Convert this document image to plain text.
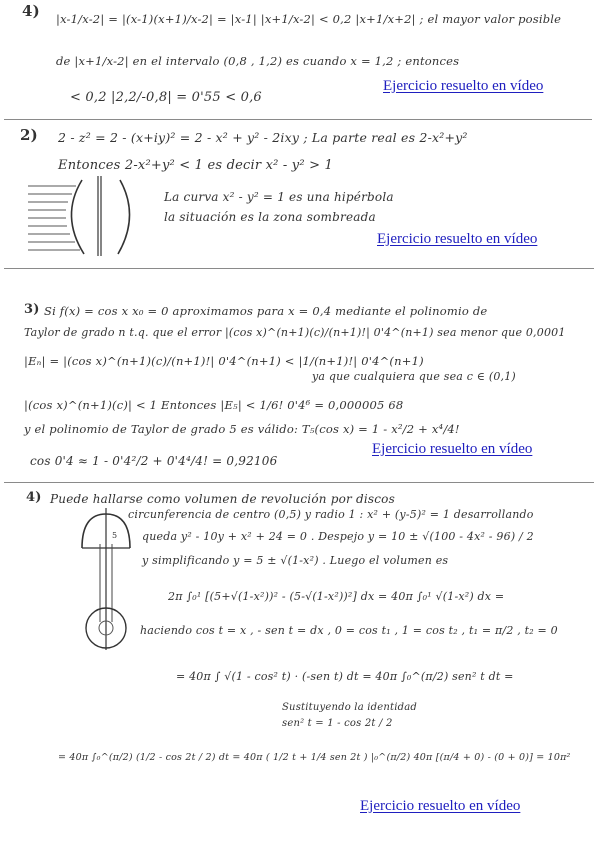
4) |x-1/x-2| = |(x-1)(x+1)/x-2| = |x-1| |x+1/x-2| < 0,2 |x+1/x+2| ; el mayor valor posible
de |x+1/x-2| en el intervalo (0,8 , 1,2) es cuando x = 1,2 ; entonces
< 0,2 |2,2/-0,8| = 0'55 < 0,6
Ejercicio resuelto en vídeo
2) 2 - z² = 2 - (x+iy)² = 2 - x² + y² - 2ixy ; La parte real es 2-x²+y²
Entonces 2-x²+y² < 1 es decir x² - y² > 1
La curva x² - y² = 1 es una hipérbola
la situación es la zona sombreada
Ejercicio resuelto en vídeo
3) Si f(x) = cos x x₀ = 0 aproximamos para x = 0,4 mediante el polinomio de
Taylor de grado n t.q. que el error |(cos x)^(n+1)(c)/(n+1)!| 0'4^(n+1) sea menor que 0,0001
|Eₙ| = |(cos x)^(n+1)(c)/(n+1)!| 0'4^(n+1) < |1/(n+1)!| 0'4^(n+1)
ya que cualquiera que sea c ∈ (0,1)
|(cos x)^(n+1)(c)| < 1 Entonces |E₅| < 1/6! 0'4⁶ = 0,000005 68
y el polinomio de Taylor de grado 5 es válido: T₅(cos x) = 1 - x²/2 + x⁴/4!
cos 0'4 ≈ 1 - 0'4²/2 + 0'4⁴/4! = 0,92106
Ejercicio resuelto en vídeo
4) Puede hallarse como volumen de revolución por discos
circunferencia de centro (0,5) y radio 1 : x² + (y-5)² = 1 desarrollando
queda y² - 10y + x² + 24 = 0 . Despejo y = 10 ± √(100 - 4x² - 96) / 2
y simplificando y = 5 ± √(1-x²) . Luego el volumen es
5
2π ∫₀¹ [(5+√(1-x²))² - (5-√(1-x²))²] dx = 40π ∫₀¹ √(1-x²) dx =
haciendo cos t = x , - sen t = dx , 0 = cos t₁ , 1 = cos t₂ , t₁ = π/2 , t₂ = 0
= 40π ∫ √(1 - cos² t) · (-sen t) dt = 40π ∫₀^(π/2) sen² t dt =
Sustituyendo la identidad
sen² t = 1 - cos 2t / 2
= 40π ∫₀^(π/2) (1/2 - cos 2t / 2) dt = 40π ( 1/2 t + 1/4 sen 2t ) |₀^(π/2) 40π [(π/4 + 0) - (0 + 0)] = 10π²
Ejercicio resuelto en vídeo
